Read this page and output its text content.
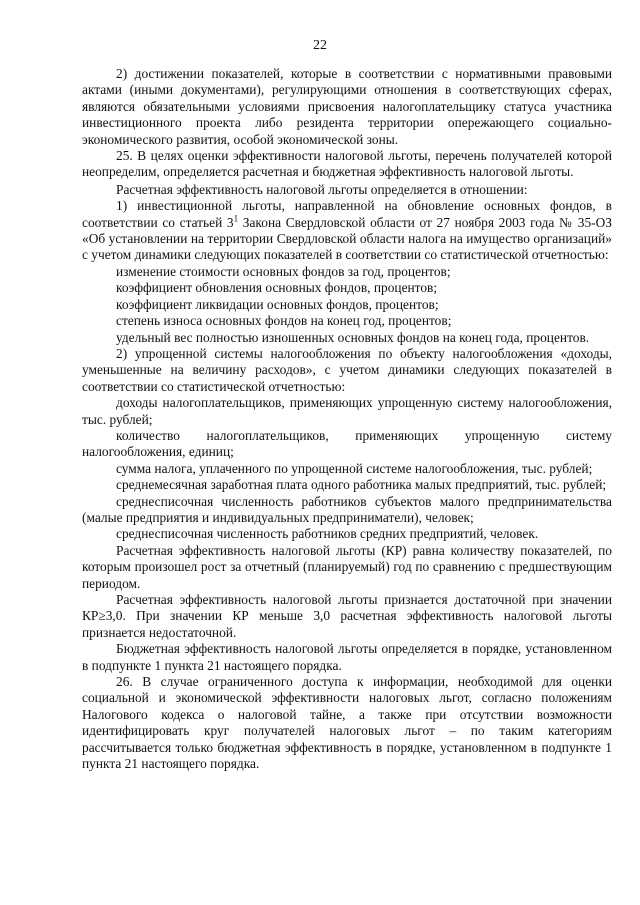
22

2) достижении показателей, которые в соответствии с нормативными правовыми актами (иными документами), регулирующими отношения в соответствующих сферах, являются обязательными условиями присвоения налогоплательщику статуса участника инвестиционного проекта либо резидента территории опережающего социально-экономического развития, особой экономической зоны.

25. В целях оценки эффективности налоговой льготы, перечень получателей которой неопределим, определяется расчетная и бюджетная эффективность налоговой льготы.

Расчетная эффективность налоговой льготы определяется в отношении:

1) инвестиционной льготы, направленной на обновление основных фондов, в соответствии со статьей $3^1$ Закона Свердловской области от 27 ноября 2003 года № 35-ОЗ «Об установлении на территории Свердловской области налога на имущество организаций» с учетом динамики следующих показателей в соответствии со статистической отчетностью:

изменение стоимости основных фондов за год, процентов;

коэффициент обновления основных фондов, процентов;

коэффициент ликвидации основных фондов, процентов;

степень износа основных фондов на конец год, процентов;

удельный вес полностью изношенных основных фондов на конец года, процентов.

2) упрощенной системы налогообложения по объекту налогообложения «доходы, уменьшенные на величину расходов», с учетом динамики следующих показателей в соответствии со статистической отчетностью:

доходы налогоплательщиков, применяющих упрощенную систему налогообложения, тыс. рублей;

количество налогоплательщиков, применяющих упрощенную систему налогообложения, единиц;

сумма налога, уплаченного по упрощенной системе налогообложения, тыс. рублей;

среднемесячная заработная плата одного работника малых предприятий, тыс. рублей;

среднесписочная численность работников субъектов малого предпринимательства (малые предприятия и индивидуальных предприниматели), человек;

среднесписочная численность работников средних предприятий, человек.

Расчетная эффективность налоговой льготы (КР) равна количеству показателей, по которым произошел рост за отчетный (планируемый) год по сравнению с предшествующим периодом.

Расчетная эффективность налоговой льготы признается достаточной при значении КР≥3,0. При значении КР меньше 3,0 расчетная эффективность налоговой льготы признается недостаточной.

Бюджетная эффективность налоговой льготы определяется в порядке, установленном в подпункте 1 пункта 21 настоящего порядка.

26. В случае ограниченного доступа к информации, необходимой для оценки социальной и экономической эффективности налоговых льгот, согласно положениям Налогового кодекса о налоговой тайне, а также при отсутствии возможности идентифицировать круг получателей налоговых льгот – по таким категориям рассчитывается только бюджетная эффективность в порядке, установленном в подпункте 1 пункта 21 настоящего порядка.
